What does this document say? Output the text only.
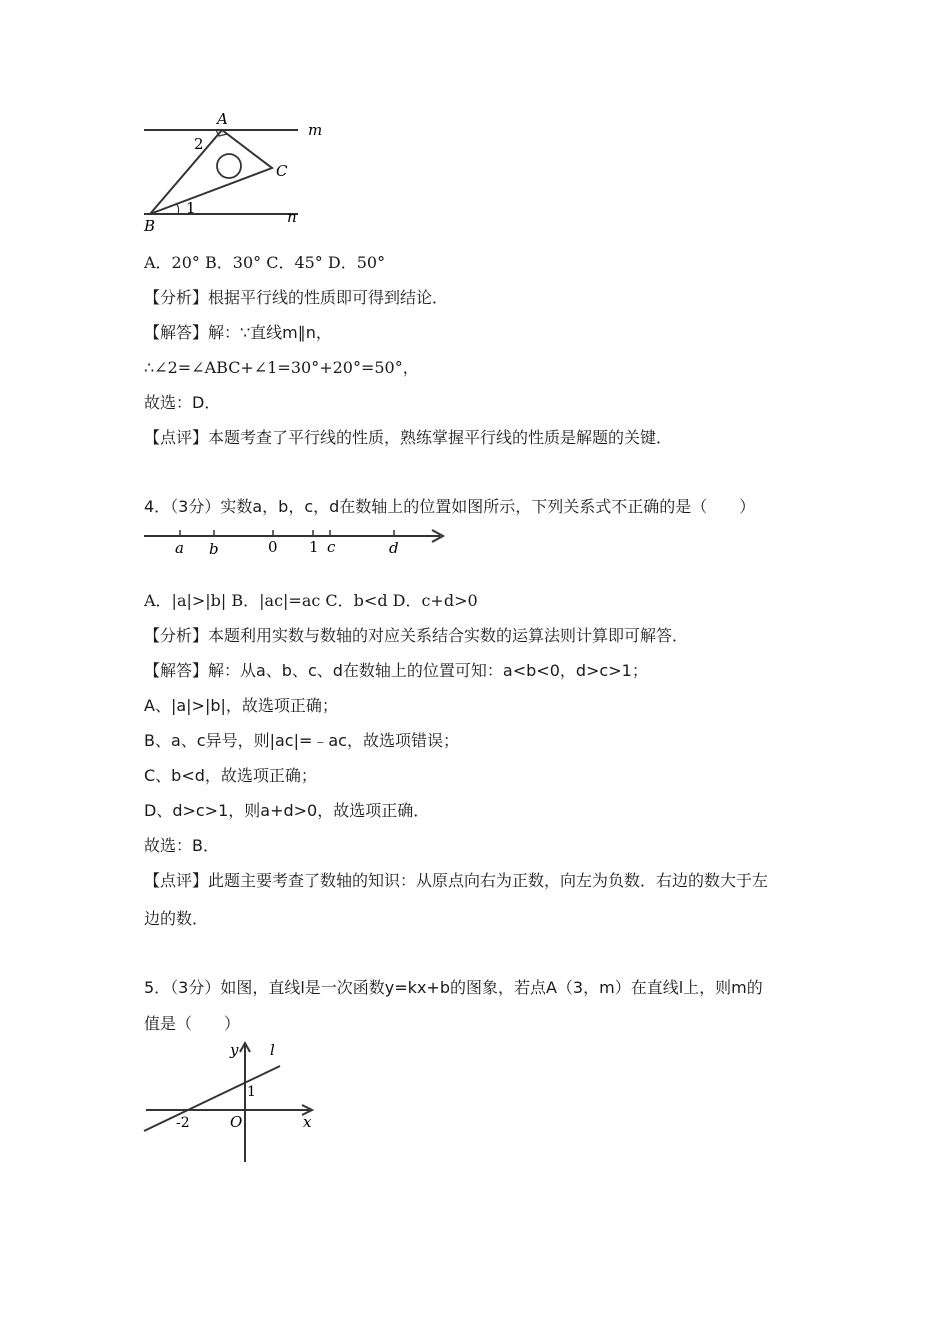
A
m
2
C
1	n
B
A．20° B．30° C．45° D．50°
【分析】根据平行线的性质即可得到结论．
【解答】解：∵直线m∥n，
∴∠2=∠ABC+∠1=30°+20°=50°，
故选：D．
【点评】本题考查了平行线的性质，熟练掌握平行线的性质是解题的关键．
4．（3分）实数a，b，c，d在数轴上的位置如图所示，下列关系式不正确的是（　　）
a b	0 1 c	d
A．|a|>|b| B．|ac|=ac C．b<d D．c+d>0
【分析】本题利用实数与数轴的对应关系结合实数的运算法则计算即可解答．
【解答】解：从a、b、c、d在数轴上的位置可知：a<b<0，d>c>1；
A、|a|>|b|，故选项正确；
B、a、c异号，则|ac|=﹣ac，故选项错误；
C、b<d，故选项正确；
D、d>c>1，则a+d>0，故选项正确．
故选：B．
【点评】此题主要考查了数轴的知识：从原点向右为正数，向左为负数．右边的数大于左
边的数．
5．（3分）如图，直线l是一次函数y=kx+b的图象，若点A（3，m）在直线l上，则m的
值是（　　）
y l
1
-2	O	x
